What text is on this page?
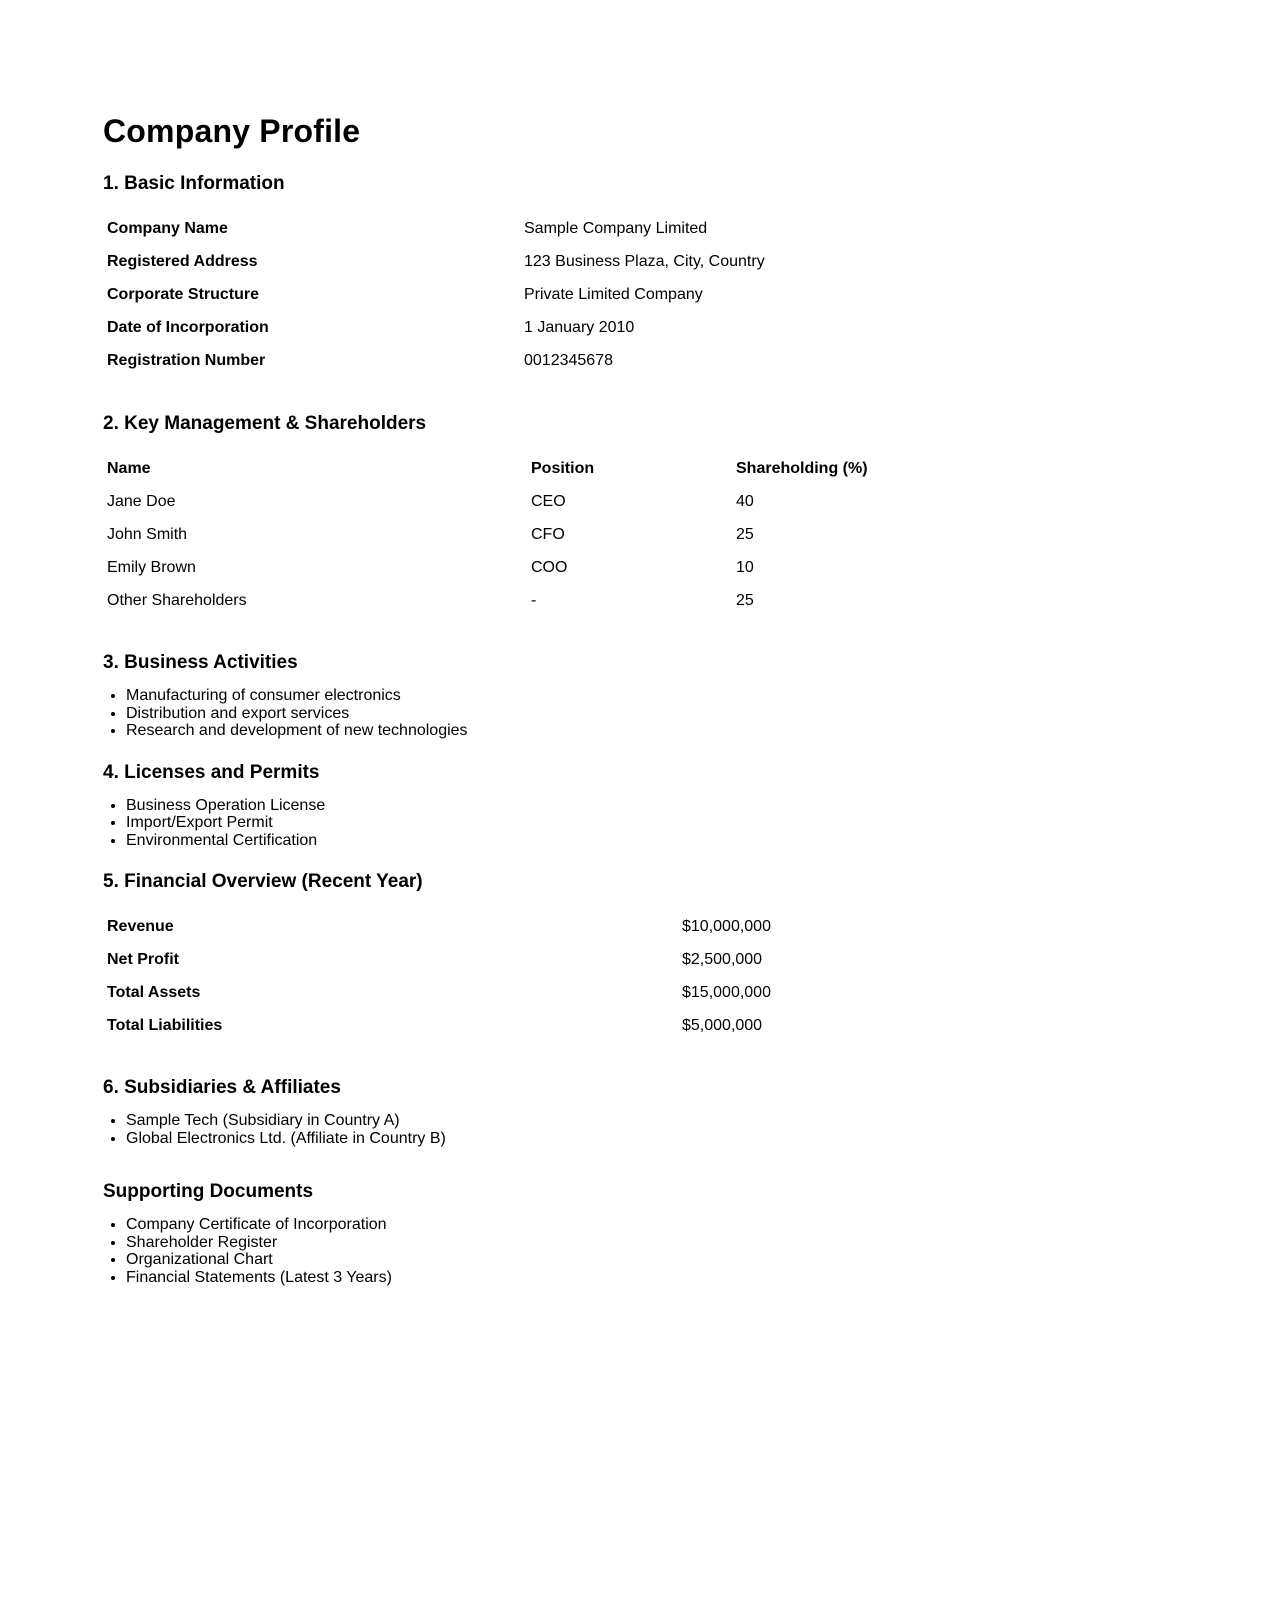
Company Profile
1. Basic Information
Company Name	Sample Company Limited
Registered Address	123 Business Plaza, City, Country
Corporate Structure	Private Limited Company
Date of Incorporation	1 January 2010
Registration Number	0012345678
2. Key Management & Shareholders
Name	Position	Shareholding (%)
Jane Doe	CEO	40
John Smith	CFO	25
Emily Brown	COO	10
Other Shareholders	-	25
3. Business Activities
• Manufacturing of consumer electronics
• Distribution and export services
• Research and development of new technologies
4. Licenses and Permits
• Business Operation License
• Import/Export Permit
• Environmental Certification
5. Financial Overview (Recent Year)
Revenue	$10,000,000
Net Profit	$2,500,000
Total Assets	$15,000,000
Total Liabilities	$5,000,000
6. Subsidiaries & Affiliates
• Sample Tech (Subsidiary in Country A)
• Global Electronics Ltd. (Affiliate in Country B)
Supporting Documents
• Company Certificate of Incorporation
• Shareholder Register
• Organizational Chart
• Financial Statements (Latest 3 Years)
